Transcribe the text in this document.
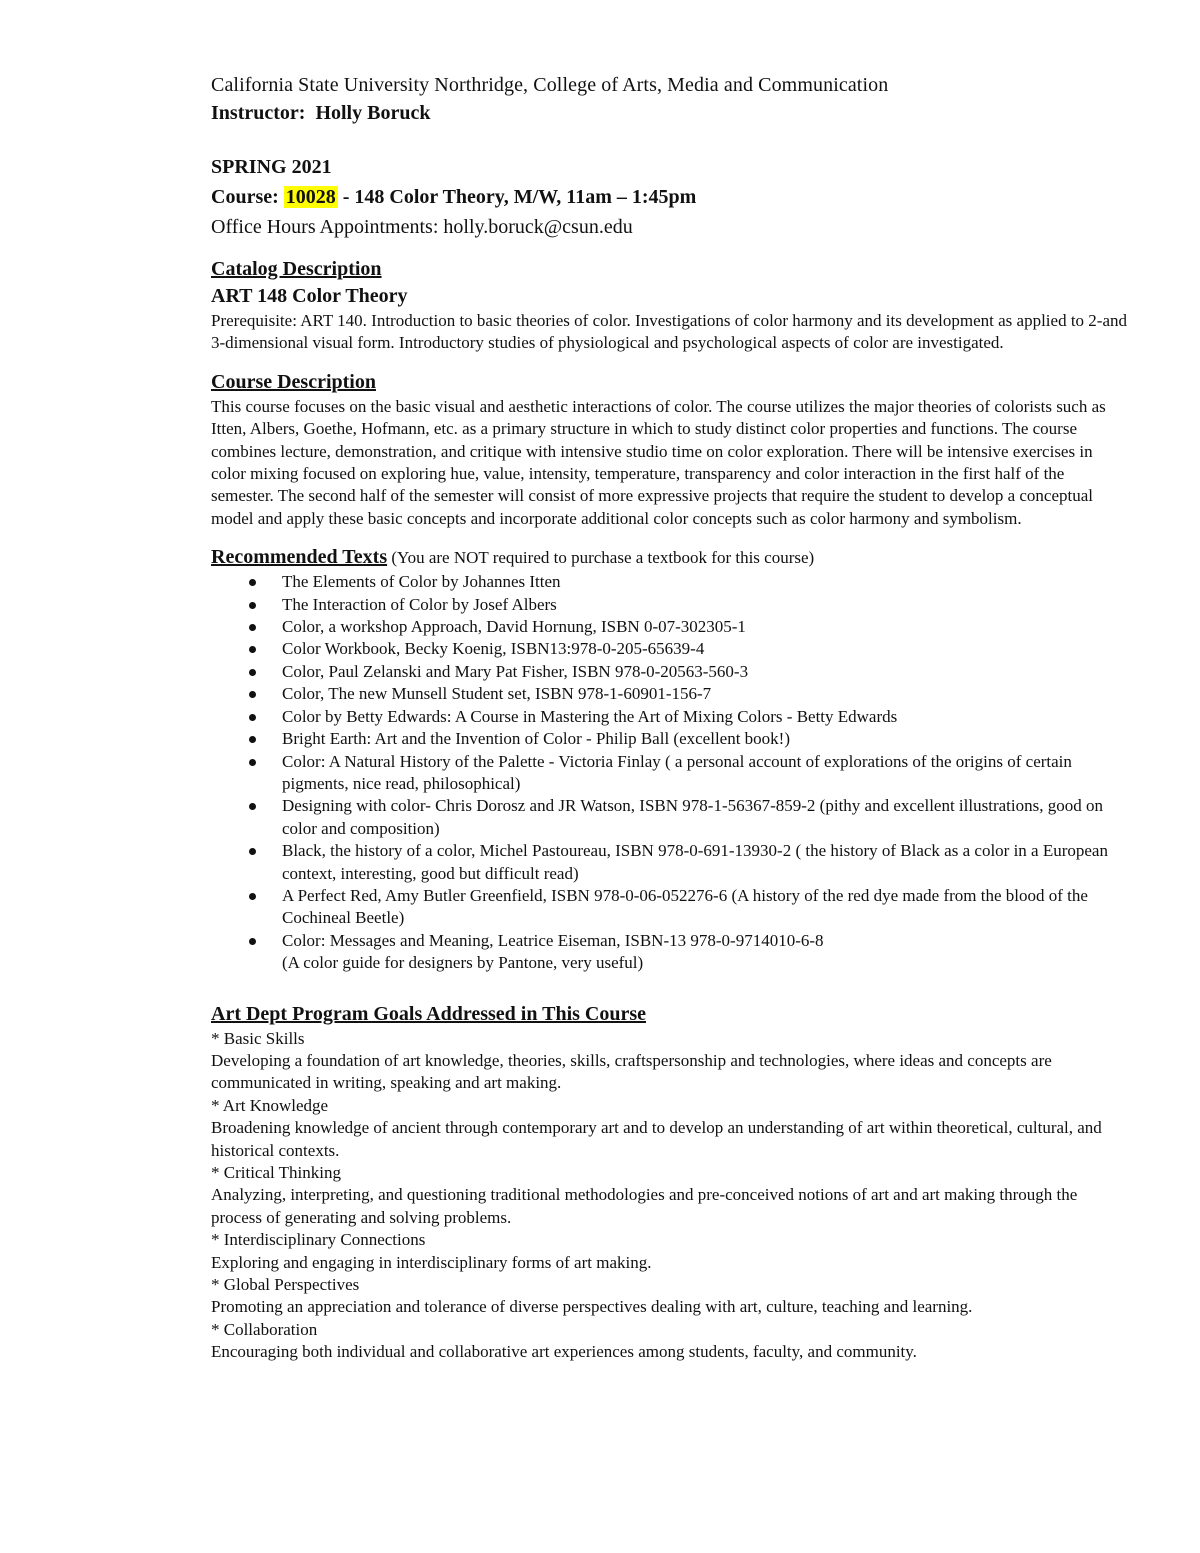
California State University Northridge, College of Arts, Media and Communication
Instructor: Holly Boruck
SPRING 2021
Course: 10028 - 148 Color Theory, M/W, 11am – 1:45pm
Office Hours Appointments: holly.boruck@csun.edu
Catalog Description
ART 148 Color Theory
Prerequisite: ART 140. Introduction to basic theories of color. Investigations of color harmony and its development as applied to 2-and 3-dimensional visual form. Introductory studies of physiological and psychological aspects of color are investigated.
Course Description
This course focuses on the basic visual and aesthetic interactions of color. The course utilizes the major theories of colorists such as Itten, Albers, Goethe, Hofmann, etc. as a primary structure in which to study distinct color properties and functions. The course combines lecture, demonstration, and critique with intensive studio time on color exploration. There will be intensive exercises in color mixing focused on exploring hue, value, intensity, temperature, transparency and color interaction in the first half of the semester. The second half of the semester will consist of more expressive projects that require the student to develop a conceptual model and apply these basic concepts and incorporate additional color concepts such as color harmony and symbolism.
Recommended Texts (You are NOT required to purchase a textbook for this course)
The Elements of Color by Johannes Itten
The Interaction of Color by Josef Albers
Color, a workshop Approach, David Hornung, ISBN 0-07-302305-1
Color Workbook, Becky Koenig, ISBN13:978-0-205-65639-4
Color, Paul Zelanski and Mary Pat Fisher, ISBN 978-0-20563-560-3
Color, The new Munsell Student set, ISBN 978-1-60901-156-7
Color by Betty Edwards: A Course in Mastering the Art of Mixing Colors - Betty Edwards
Bright Earth: Art and the Invention of Color - Philip Ball (excellent book!)
Color: A Natural History of the Palette - Victoria Finlay ( a personal account of explorations of the origins of certain pigments, nice read, philosophical)
Designing with color- Chris Dorosz and JR Watson, ISBN 978-1-56367-859-2 (pithy and excellent illustrations, good on color and composition)
Black, the history of a color, Michel Pastoureau, ISBN 978-0-691-13930-2 ( the history of Black as a color in a European context, interesting, good but difficult read)
A Perfect Red, Amy Butler Greenfield, ISBN 978-0-06-052276-6 (A history of the red dye made from the blood of the Cochineal Beetle)
Color: Messages and Meaning, Leatrice Eiseman, ISBN-13 978-0-9714010-6-8
(A color guide for designers by Pantone, very useful)
Art Dept Program Goals Addressed in This Course
* Basic Skills
Developing a foundation of art knowledge, theories, skills, craftspersonship and technologies, where ideas and concepts are communicated in writing, speaking and art making.
* Art Knowledge
Broadening knowledge of ancient through contemporary art and to develop an understanding of art within theoretical, cultural, and historical contexts.
* Critical Thinking
Analyzing, interpreting, and questioning traditional methodologies and pre-conceived notions of art and art making through the process of generating and solving problems.
* Interdisciplinary Connections
Exploring and engaging in interdisciplinary forms of art making.
* Global Perspectives
Promoting an appreciation and tolerance of diverse perspectives dealing with art, culture, teaching and learning.
* Collaboration
Encouraging both individual and collaborative art experiences among students, faculty, and community.
